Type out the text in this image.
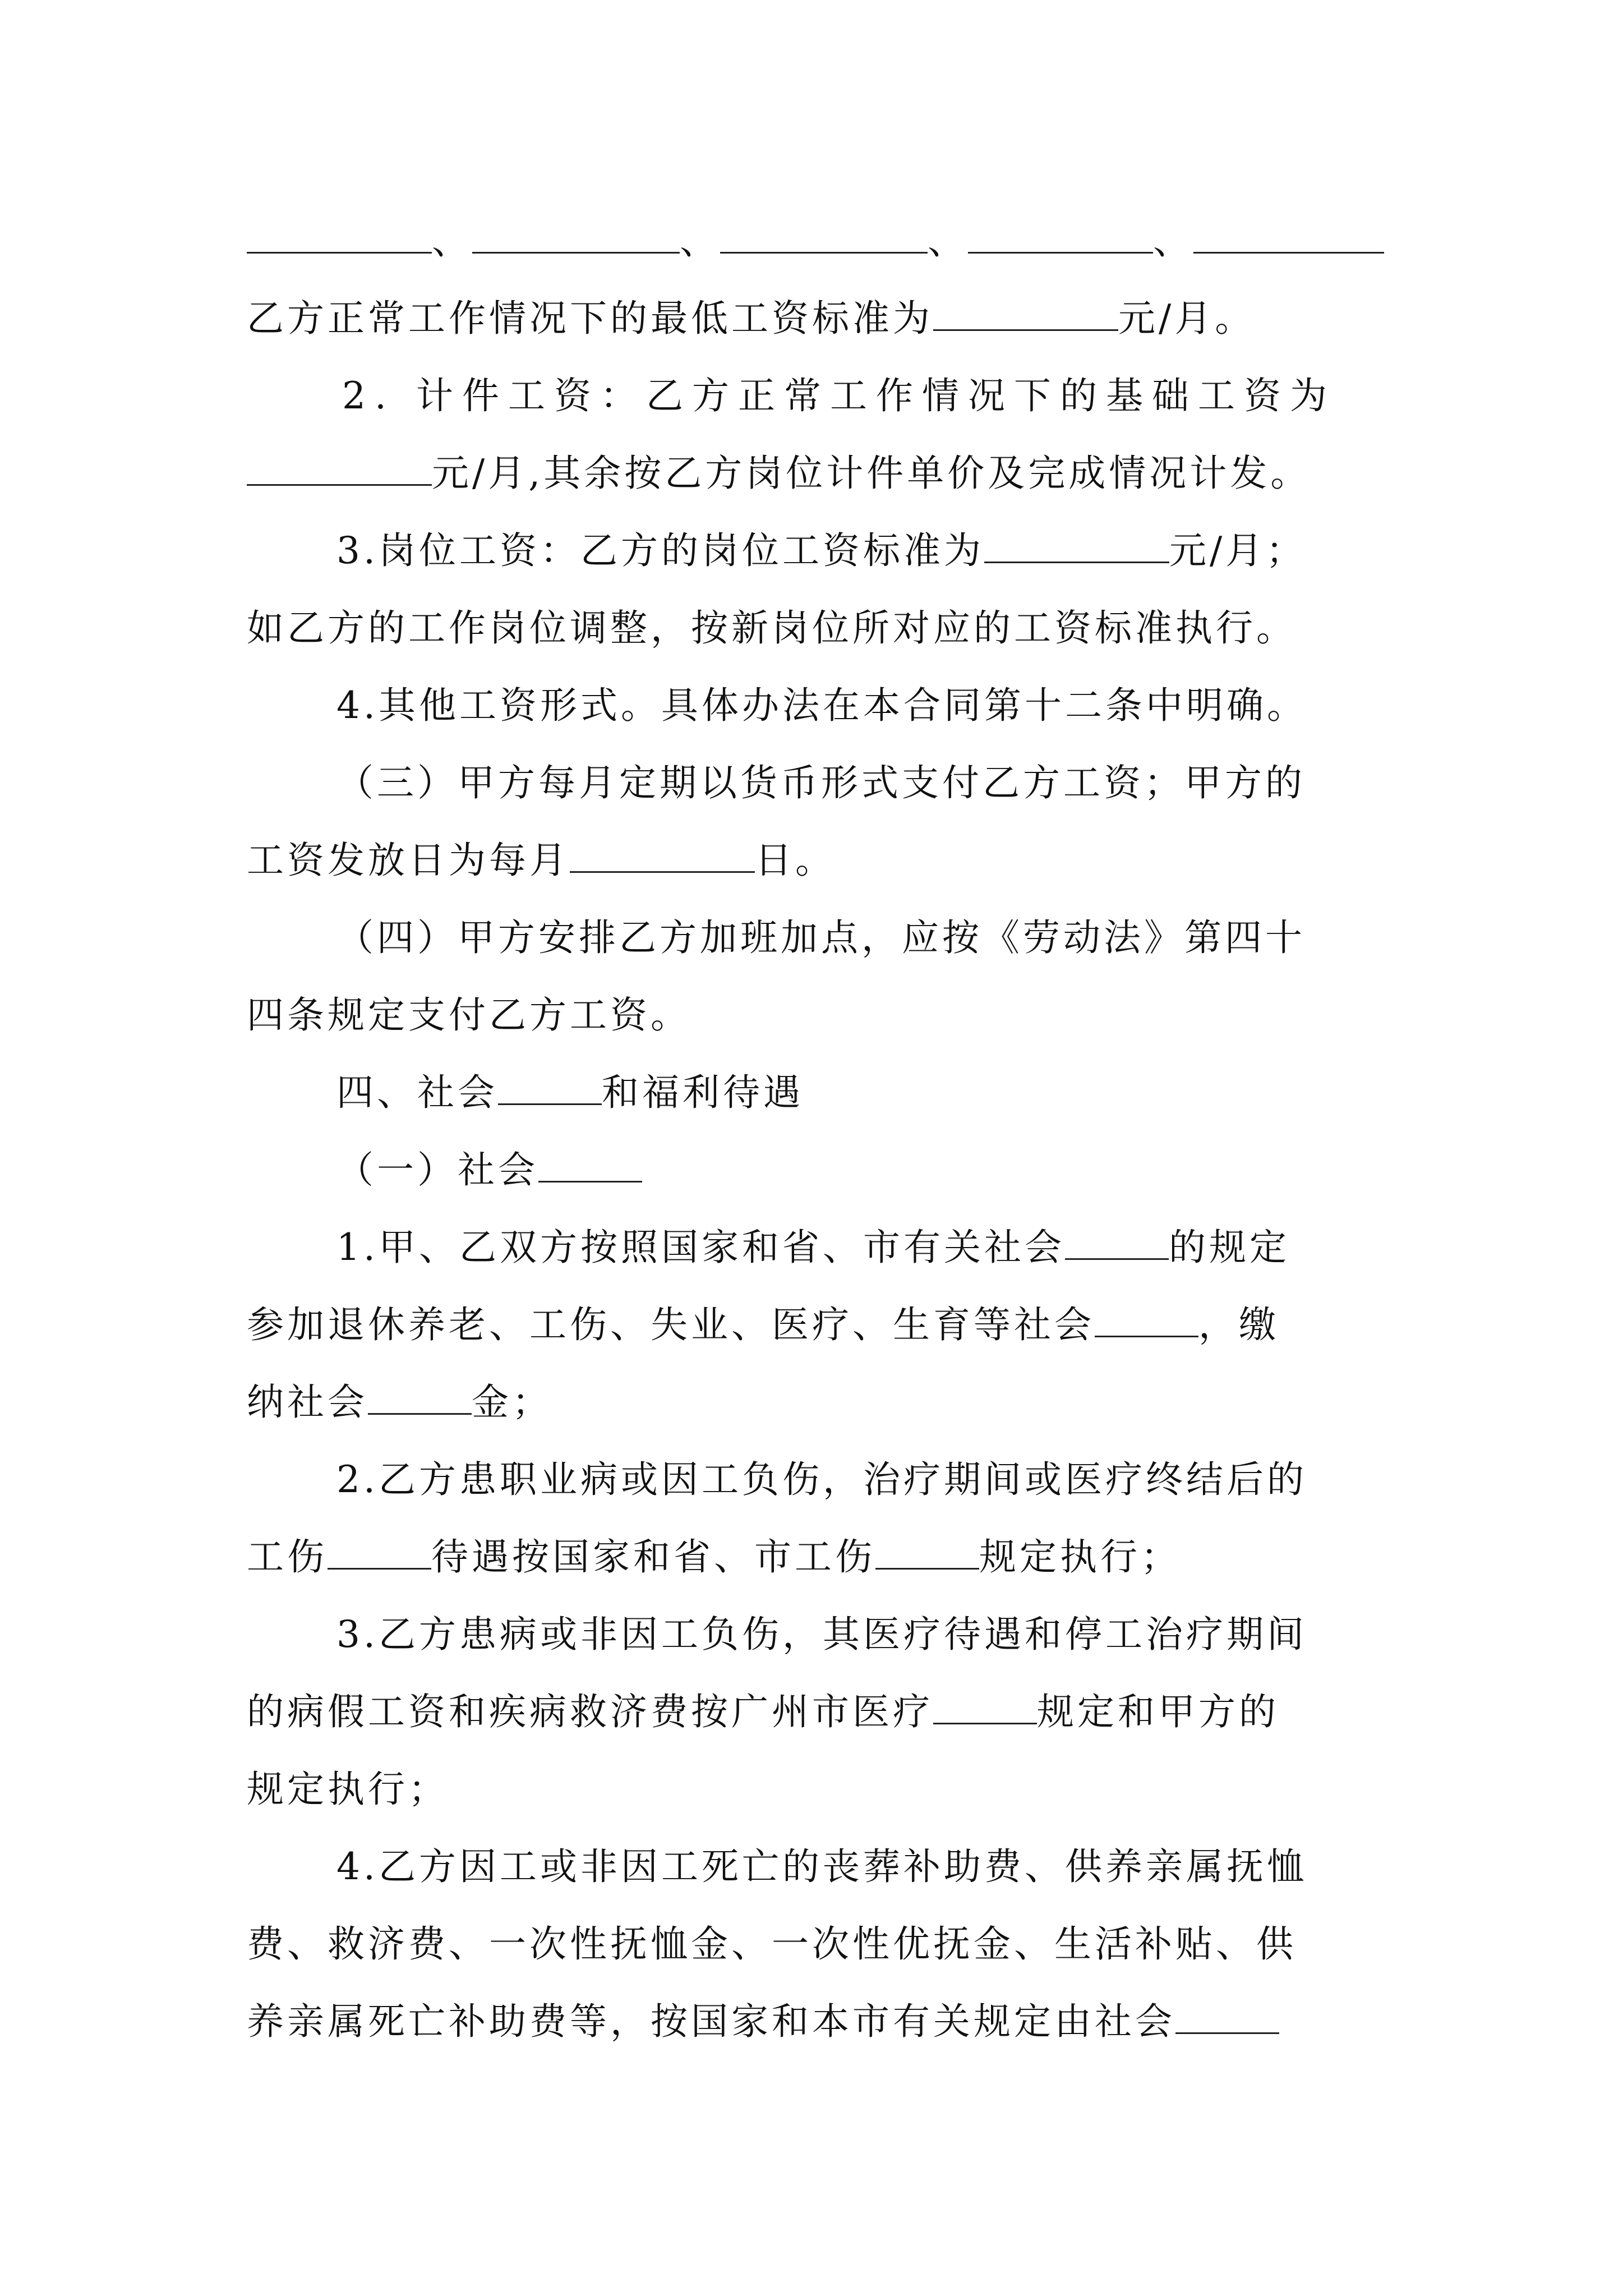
、	、	、	、
乙方正常工作情况下的最低工资标准为	元/月。
2. 计件工资：乙方正常工作情况下的基础工资为
元/月,其余按乙方岗位计件单价及完成情况计发。
3.岗位工资：乙方的岗位工资标准为	元/月；
如乙方的工作岗位调整，按新岗位所对应的工资标准执行。
4.其他工资形式。具体办法在本合同第十二条中明确。
（三）甲方每月定期以货币形式支付乙方工资；甲方的
工资发放日为每月	日。
（四）甲方安排乙方加班加点，应按《劳动法》第四十
四条规定支付乙方工资。
四、社会	和福利待遇
（一）社会
1.甲、乙双方按照国家和省、市有关社会	的规定
参加退休养老、工伤、失业、医疗、生育等社会	，缴
纳社会	金；
2.乙方患职业病或因工负伤，治疗期间或医疗终结后的
工伤	待遇按国家和省、市工伤	规定执行；
3.乙方患病或非因工负伤，其医疗待遇和停工治疗期间
的病假工资和疾病救济费按广州市医疗	规定和甲方的
规定执行；
4.乙方因工或非因工死亡的丧葬补助费、供养亲属抚恤
费、救济费、一次性抚恤金、一次性优抚金、生活补贴、供
养亲属死亡补助费等，按国家和本市有关规定由社会
